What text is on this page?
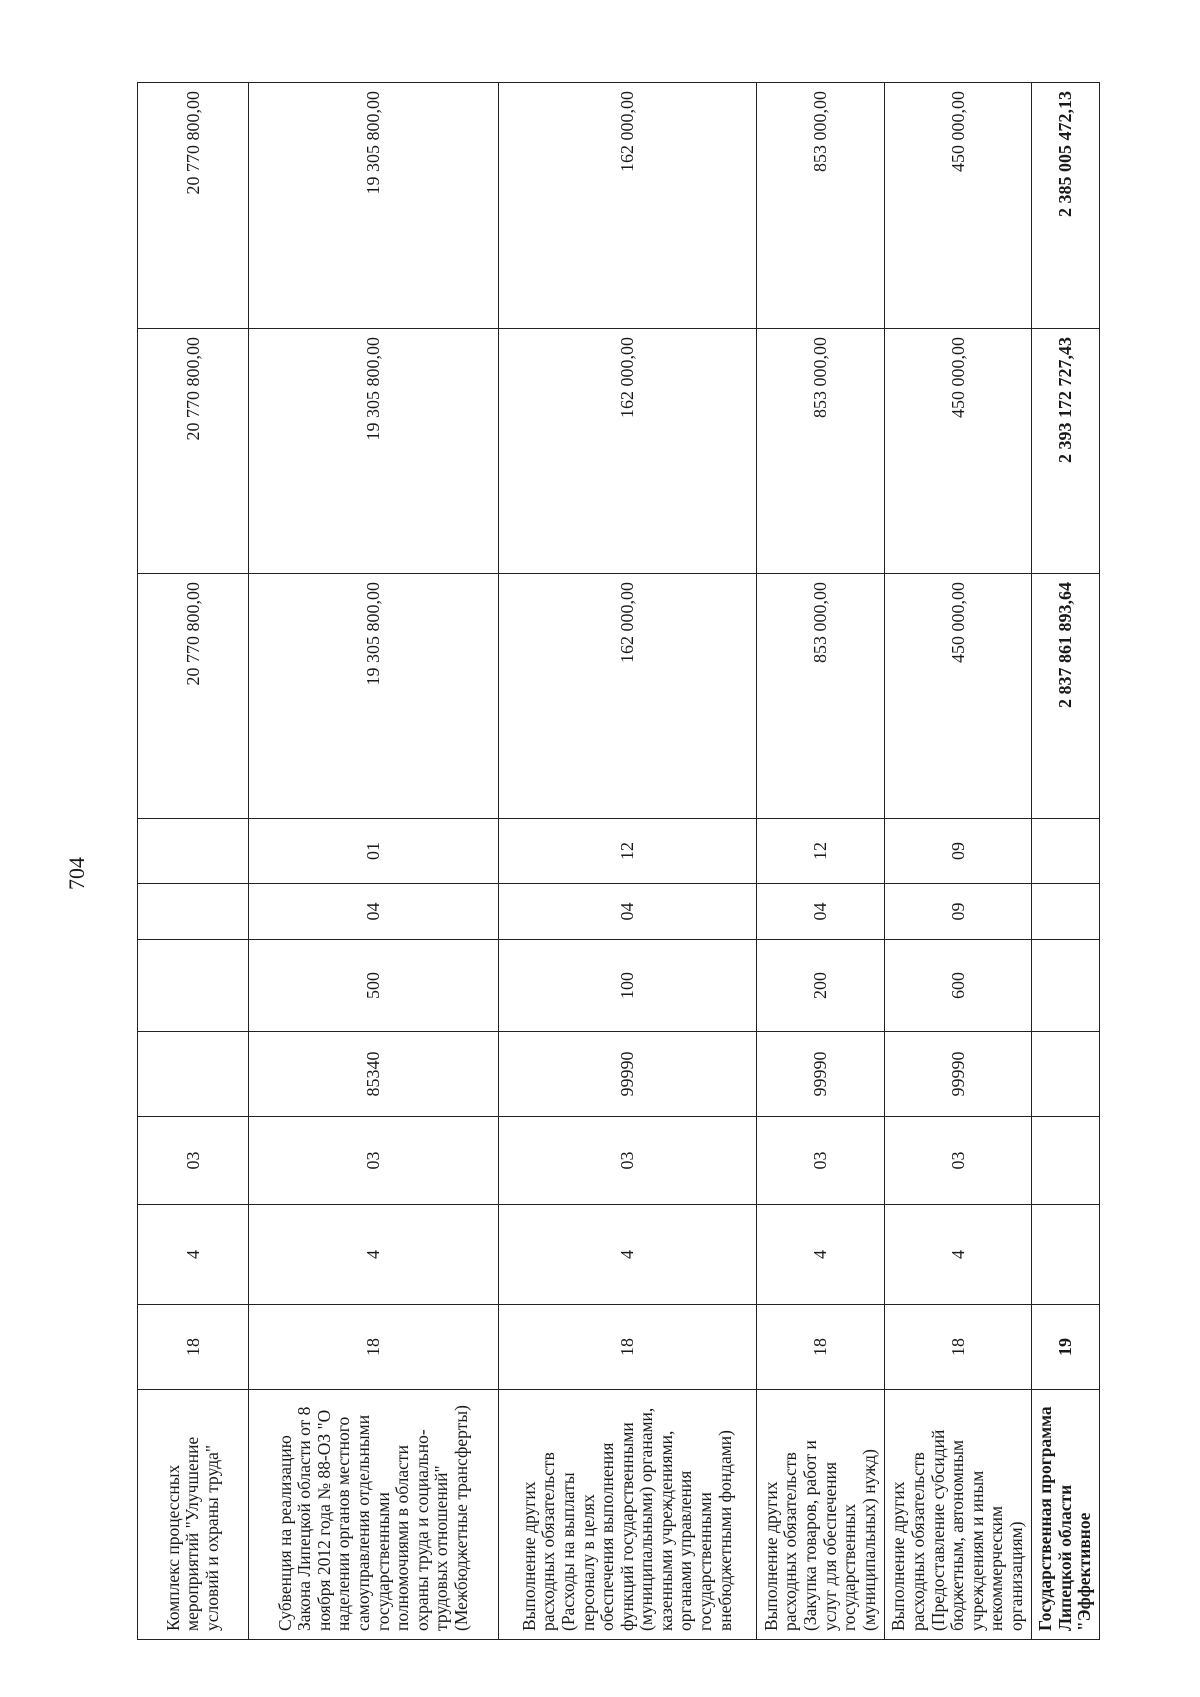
704
Комплекс процессных мероприятий "Улучшение условий и охраны труда"	18	4	03					20 770 800,00	20 770 800,00	20 770 800,00
Субвенция на реализацию Закона Липецкой области от 8 ноября 2012 года № 88-ОЗ "О наделении органов местного самоуправления отдельными государственными полномочиями в области охраны труда и социально-трудовых отношений" (Межбюджетные трансферты)	18	4	03	85340	500	04	01	19 305 800,00	19 305 800,00	19 305 800,00
Выполнение других расходных обязательств (Расходы на выплаты персоналу в целях обеспечения выполнения функций государственными (муниципальными) органами, казенными учреждениями, органами управления государственными внебюджетными фондами)	18	4	03	99990	100	04	12	162 000,00	162 000,00	162 000,00
Выполнение других расходных обязательств (Закупка товаров, работ и услуг для обеспечения государственных (муниципальных) нужд)	18	4	03	99990	200	04	12	853 000,00	853 000,00	853 000,00
Выполнение других расходных обязательств (Предоставление субсидий бюджетным, автономным учреждениям и иным некоммерческим организациям)	18	4	03	99990	600	09	09	450 000,00	450 000,00	450 000,00
Государственная программа Липецкой области "Эффективное	19							2 837 861 893,64	2 393 172 727,43	2 385 005 472,13
